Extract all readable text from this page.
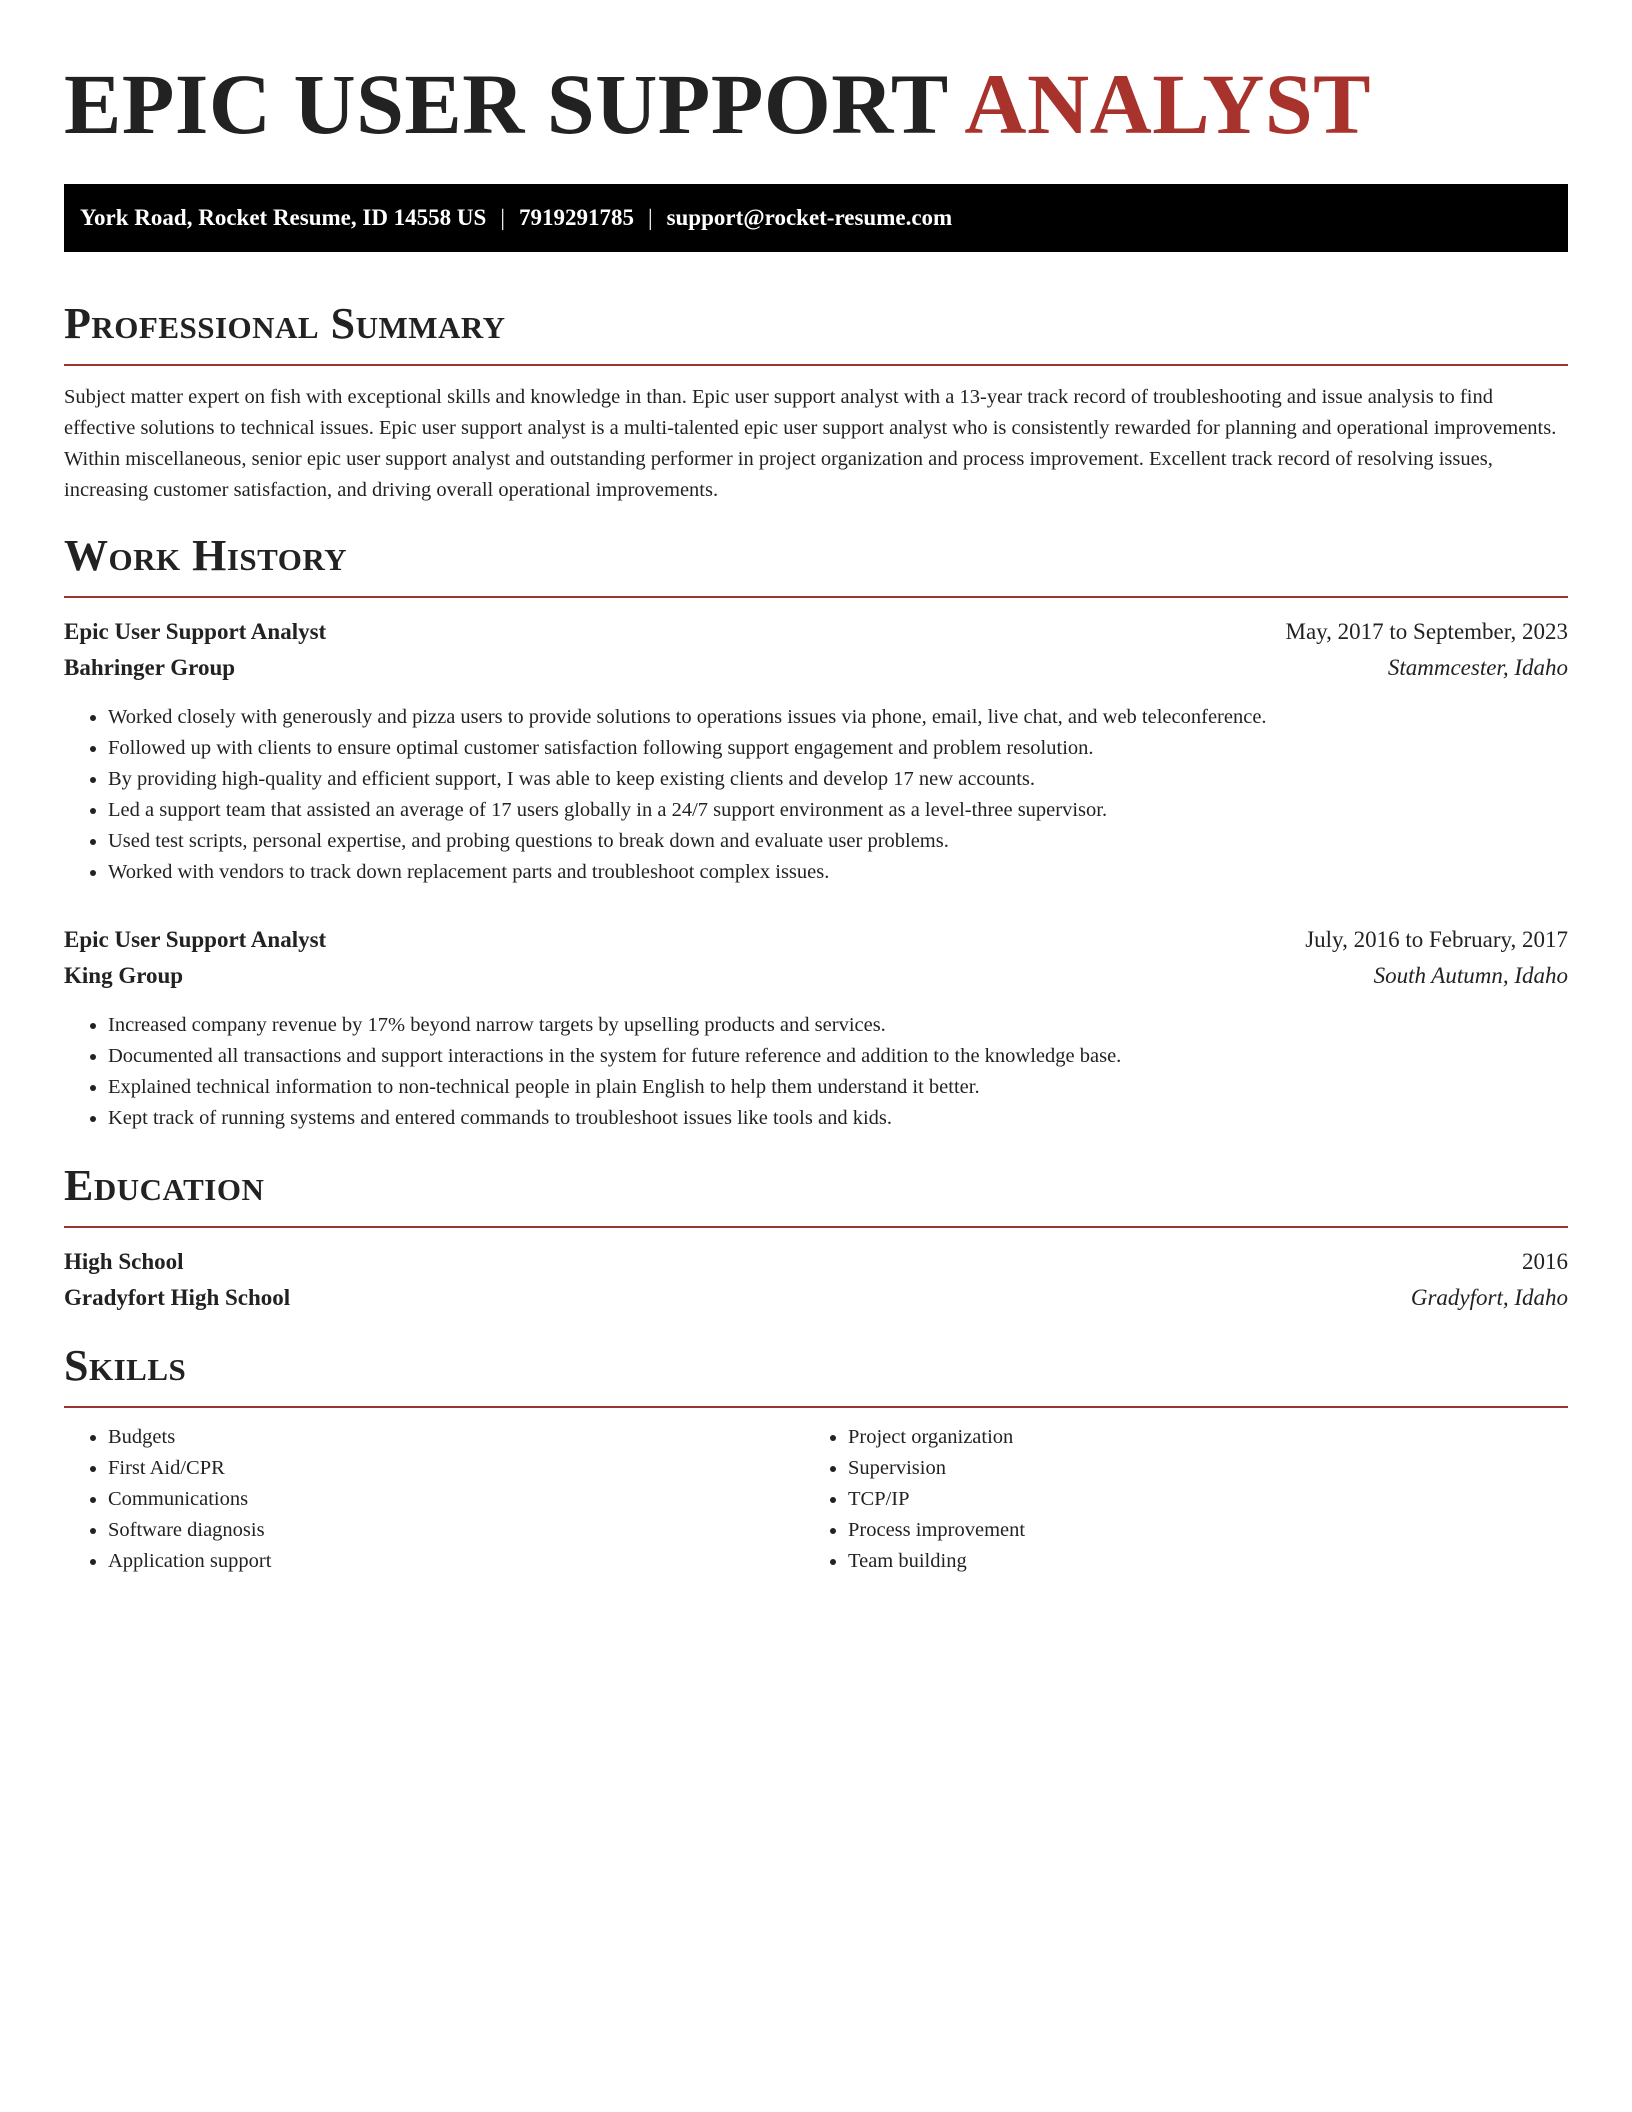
EPIC USER SUPPORT ANALYST
York Road, Rocket Resume, ID 14558 US | 7919291785 | support@rocket-resume.com
Professional Summary

Subject matter expert on fish with exceptional skills and knowledge in than. Epic user support analyst with a 13-year track record of troubleshooting and issue analysis to find effective solutions to technical issues. Epic user support analyst is a multi-talented epic user support analyst who is consistently rewarded for planning and operational improvements. Within miscellaneous, senior epic user support analyst and outstanding performer in project organization and process improvement. Excellent track record of resolving issues, increasing customer satisfaction, and driving overall operational improvements.

Work History
Epic User Support Analyst	May, 2017 to September, 2023
Bahringer Group	Stammcester, Idaho
• Worked closely with generously and pizza users to provide solutions to operations issues via phone, email, live chat, and web teleconference.
• Followed up with clients to ensure optimal customer satisfaction following support engagement and problem resolution.
• By providing high-quality and efficient support, I was able to keep existing clients and develop 17 new accounts.
• Led a support team that assisted an average of 17 users globally in a 24/7 support environment as a level-three supervisor.
• Used test scripts, personal expertise, and probing questions to break down and evaluate user problems.
• Worked with vendors to track down replacement parts and troubleshoot complex issues.
Epic User Support Analyst	July, 2016 to February, 2017
King Group	South Autumn, Idaho
• Increased company revenue by 17% beyond narrow targets by upselling products and services.
• Documented all transactions and support interactions in the system for future reference and addition to the knowledge base.
• Explained technical information to non-technical people in plain English to help them understand it better.
• Kept track of running systems and entered commands to troubleshoot issues like tools and kids.
Education
High School	2016
Gradyfort High School	Gradyfort, Idaho
Skills
• Budgets
• First Aid/CPR
• Communications
• Software diagnosis
• Application support
• Project organization
• Supervision
• TCP/IP
• Process improvement
• Team building
